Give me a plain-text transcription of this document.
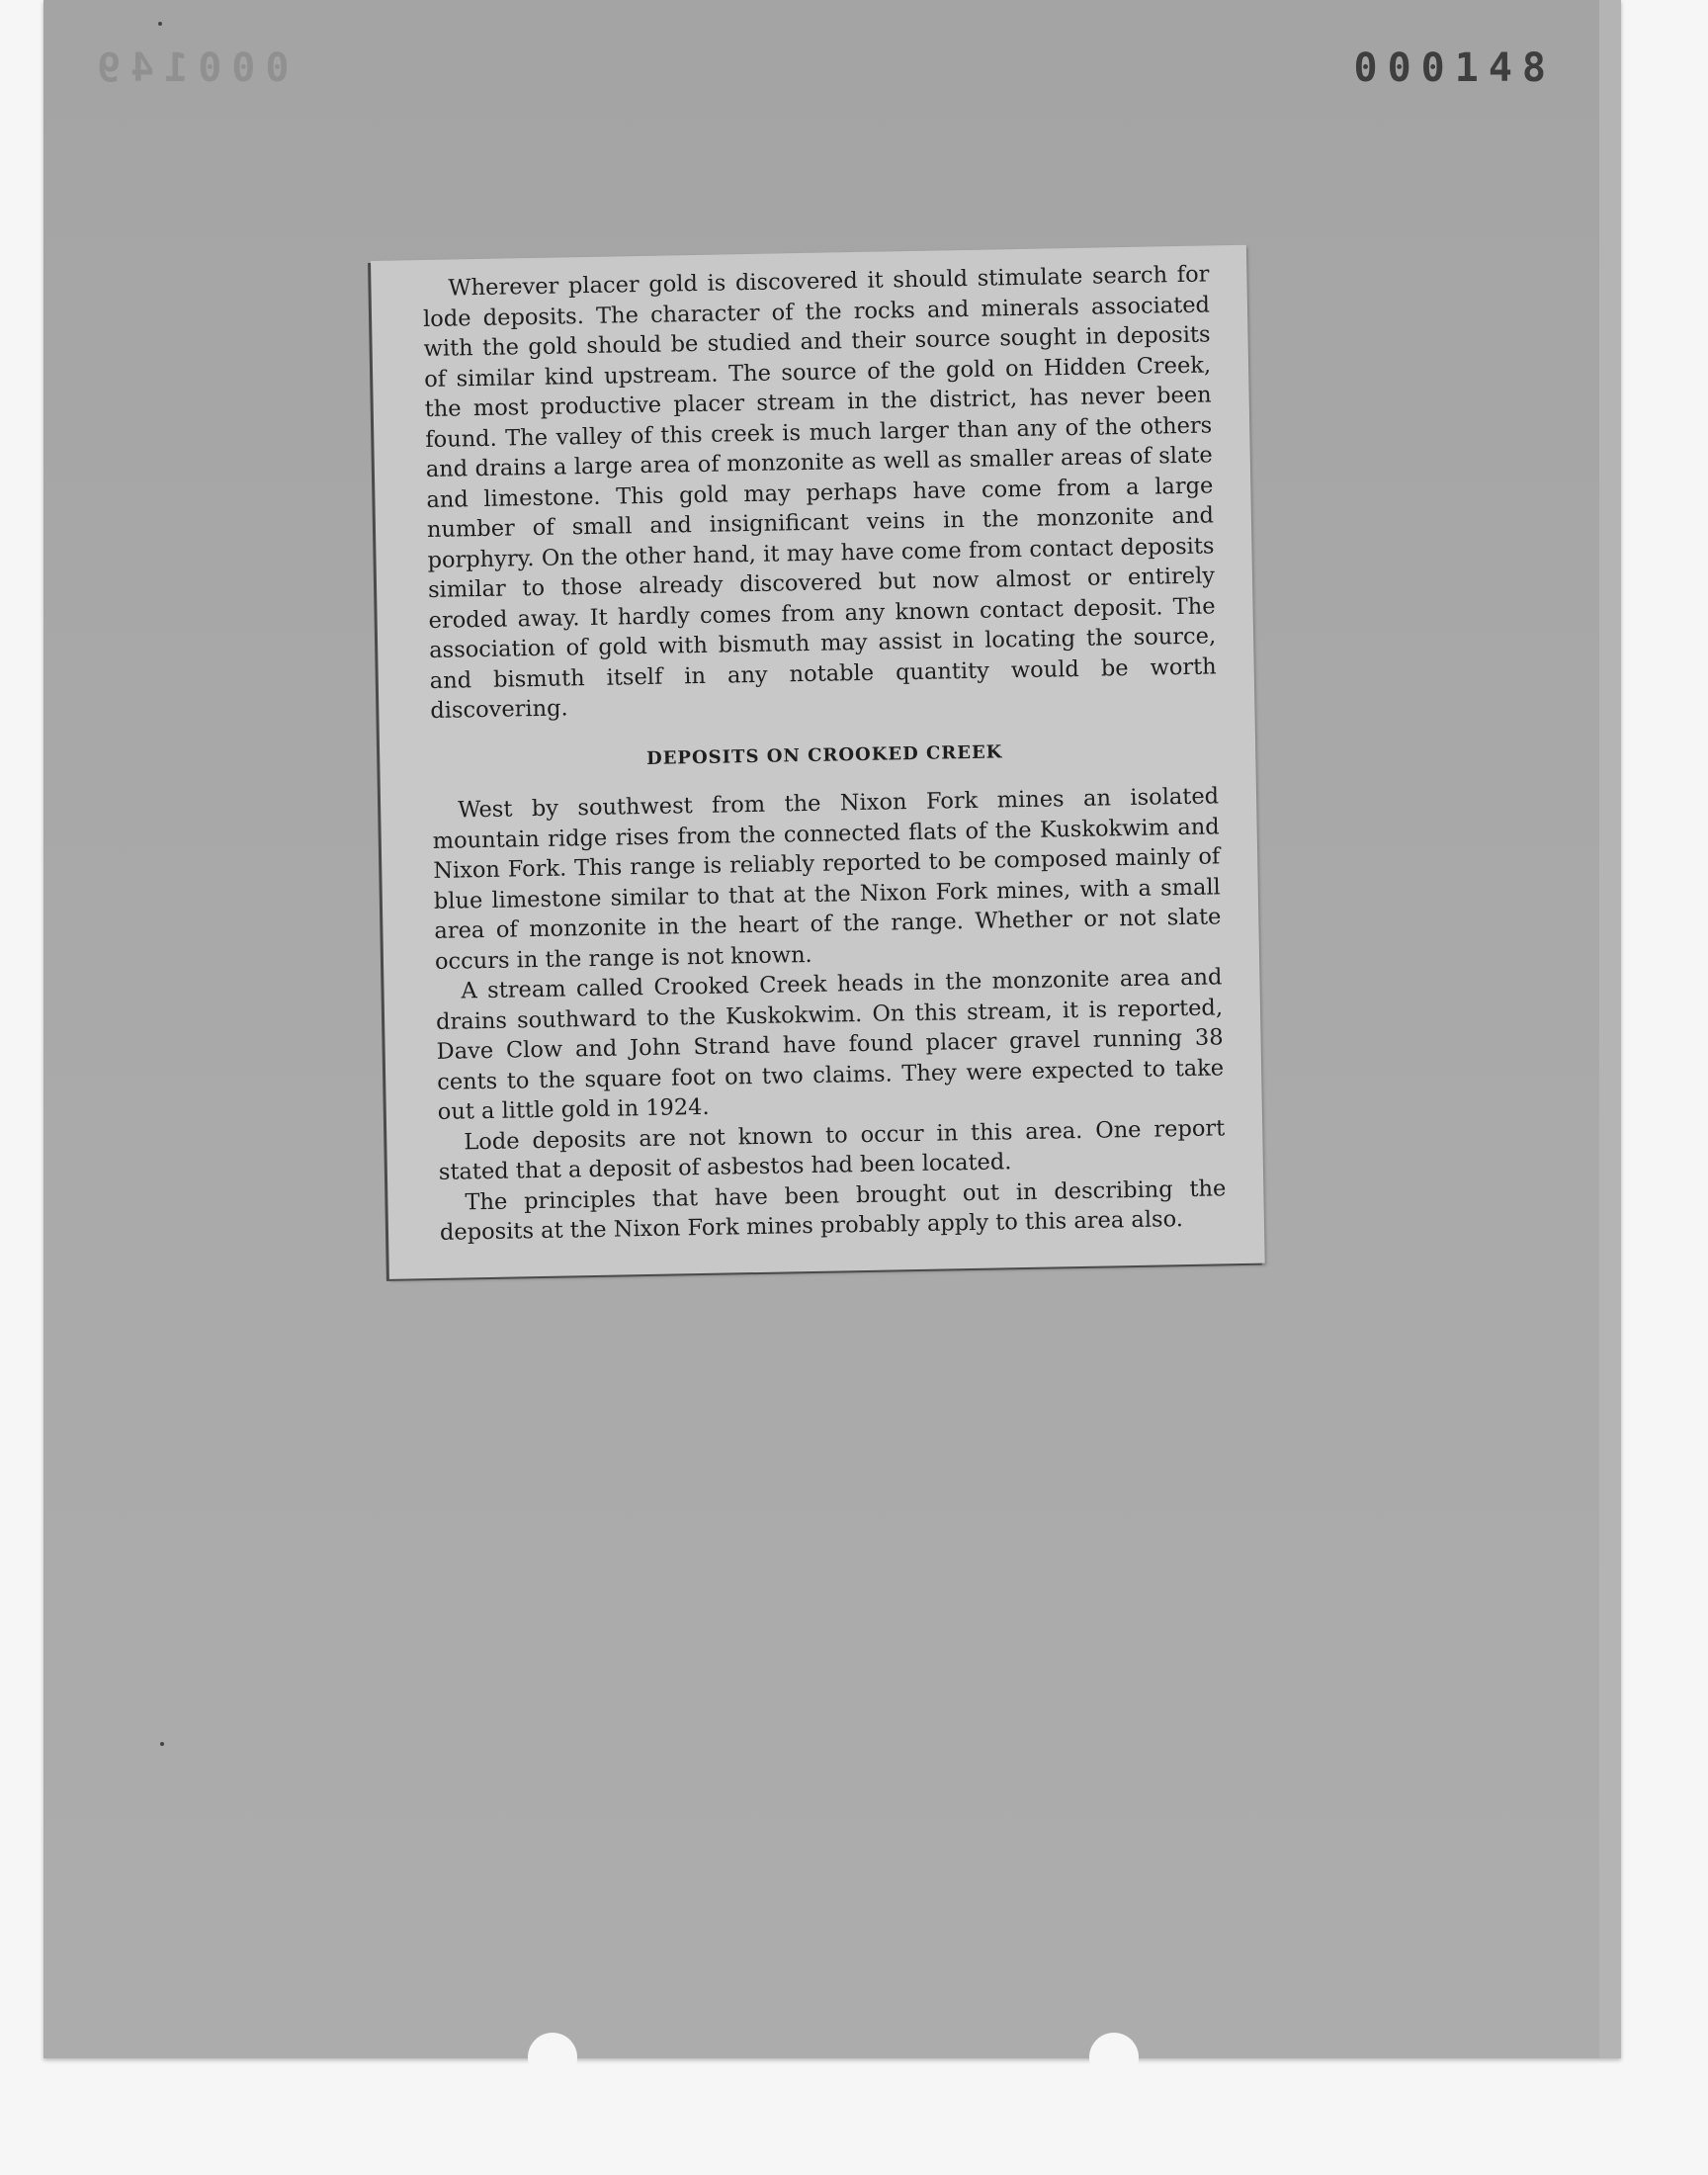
000149	000148

Wherever placer gold is discovered it should stimulate search for lode deposits. The character of the rocks and minerals associated with the gold should be studied and their source sought in deposits of similar kind upstream. The source of the gold on Hidden Creek, the most productive placer stream in the district, has never been found. The valley of this creek is much larger than any of the others and drains a large area of monzonite as well as smaller areas of slate and limestone. This gold may perhaps have come from a large number of small and insignificant veins in the monzonite and porphyry. On the other hand, it may have come from contact deposits similar to those already discovered but now almost or entirely eroded away. It hardly comes from any known contact deposit. The association of gold with bismuth may assist in locating the source, and bismuth itself in any notable quantity would be worth discovering.

DEPOSITS ON CROOKED CREEK

West by southwest from the Nixon Fork mines an isolated mountain ridge rises from the connected flats of the Kuskokwim and Nixon Fork. This range is reliably reported to be composed mainly of blue limestone similar to that at the Nixon Fork mines, with a small area of monzonite in the heart of the range. Whether or not slate occurs in the range is not known.

A stream called Crooked Creek heads in the monzonite area and drains southward to the Kuskokwim. On this stream, it is reported, Dave Clow and John Strand have found placer gravel running 38 cents to the square foot on two claims. They were expected to take out a little gold in 1924.

Lode deposits are not known to occur in this area. One report stated that a deposit of asbestos had been located.

The principles that have been brought out in describing the deposits at the Nixon Fork mines probably apply to this area also.
